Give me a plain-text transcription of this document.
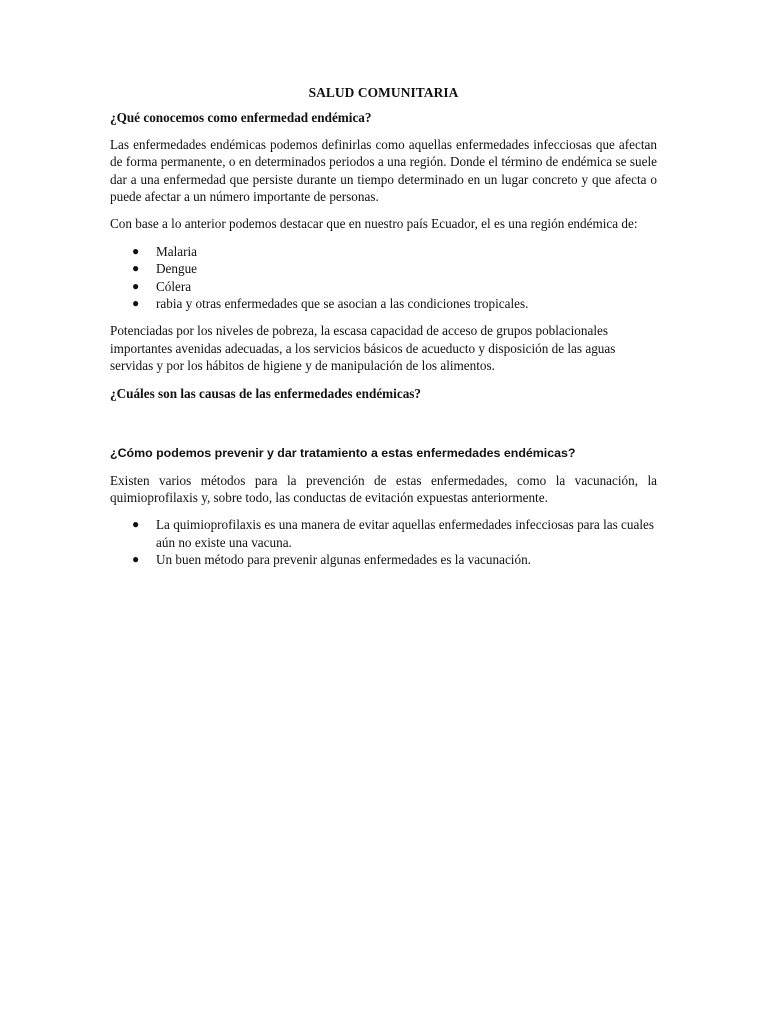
SALUD COMUNITARIA
¿Qué conocemos como enfermedad endémica?

Las enfermedades endémicas podemos definirlas como aquellas enfermedades infecciosas que afectan de forma permanente, o en determinados periodos a una región. Donde el término de endémica se suele dar a una enfermedad que persiste durante un tiempo determinado en un lugar concreto y que afecta o puede afectar a un número importante de personas.

Con base a lo anterior podemos destacar que en nuestro país Ecuador, el es una región endémica de:

● Malaria
● Dengue
● Cólera
● rabia y otras enfermedades que se asocian a las condiciones tropicales.

Potenciadas por los niveles de pobreza, la escasa capacidad de acceso de grupos poblacionales importantes avenidas adecuadas, a los servicios básicos de acueducto y disposición de las aguas servidas y por los hábitos de higiene y de manipulación de los alimentos.

¿Cuáles son las causas de las enfermedades endémicas?
¿Cómo podemos prevenir y dar tratamiento a estas enfermedades endémicas?

Existen varios métodos para la prevención de estas enfermedades, como la vacunación, la quimioprofilaxis y, sobre todo, las conductas de evitación expuestas anteriormente.

● La quimioprofilaxis es una manera de evitar aquellas enfermedades infecciosas para las cuales aún no existe una vacuna.
● Un buen método para prevenir algunas enfermedades es la vacunación.
